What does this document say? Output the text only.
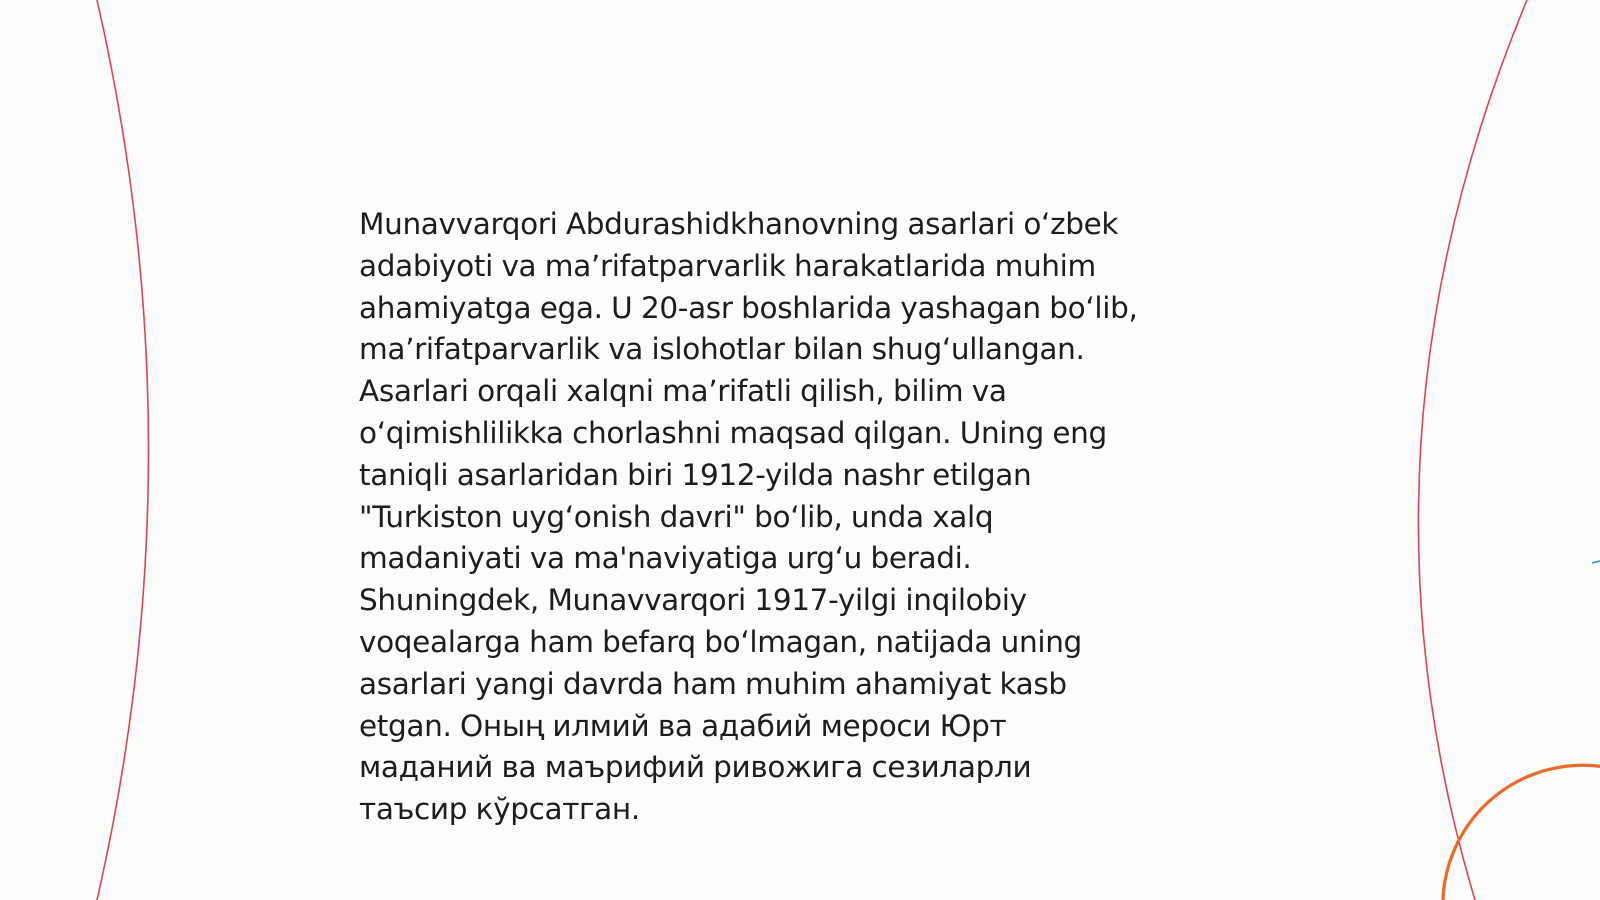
Munavvarqori Abdurashidkhanovning asarlari oʻzbek
adabiyoti va maʼrifatparvarlik harakatlarida muhim
ahamiyatga ega. U 20-asr boshlarida yashagan boʻlib,
maʼrifatparvarlik va islohotlar bilan shugʻullangan.
Asarlari orqali xalqni maʼrifatli qilish, bilim va
oʻqimishlilikka chorlashni maqsad qilgan. Uning eng
taniqli asarlaridan biri 1912-yilda nashr etilgan
"Turkiston uygʻonish davri" boʻlib, unda xalq
madaniyati va ma'naviyatiga urgʻu beradi.
Shuningdek, Munavvarqori 1917-yilgi inqilobiy
voqealarga ham befarq boʻlmagan, natijada uning
asarlari yangi davrda ham muhim ahamiyat kasb
etgan. Оның илмий ва адабий мероси Юрт
маданий ва маърифий ривожига сезиларли
таъсир кўрсатган.
